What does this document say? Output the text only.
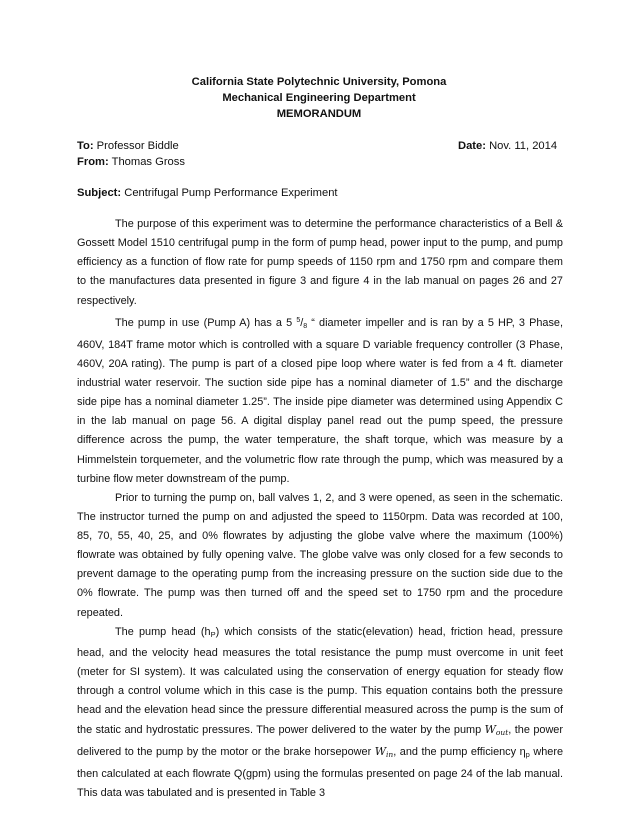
California State Polytechnic University, Pomona
Mechanical Engineering Department
MEMORANDUM
To: Professor Biddle	Date: Nov. 11, 2014
From: Thomas Gross
Subject: Centrifugal Pump Performance Experiment

The purpose of this experiment was to determine the performance characteristics of a Bell & Gossett Model 1510 centrifugal pump in the form of pump head, power input to the pump, and pump efficiency as a function of flow rate for pump speeds of 1150 rpm and 1750 rpm and compare them to the manufactures data presented in figure 3 and figure 4 in the lab manual on pages 26 and 27 respectively.

The pump in use (Pump A) has a 5 $^5$/8 “ diameter impeller and is ran by a 5 HP, 3 Phase, 460V, 184T frame motor which is controlled with a square D variable frequency controller (3 Phase, 460V, 20A rating). The pump is part of a closed pipe loop where water is fed from a 4 ft. diameter industrial water reservoir. The suction side pipe has a nominal diameter of 1.5” and the discharge side pipe has a nominal diameter 1.25”. The inside pipe diameter was determined using Appendix C in the lab manual on page 56. A digital display panel read out the pump speed, the pressure difference across the pump, the water temperature, the shaft torque, which was measure by a Himmelstein torquemeter, and the volumetric flow rate through the pump, which was measured by a turbine flow meter downstream of the pump.

Prior to turning the pump on, ball valves 1, 2, and 3 were opened, as seen in the schematic. The instructor turned the pump on and adjusted the speed to 1150rpm. Data was recorded at 100, 85, 70, 55, 40, 25, and 0% flowrates by adjusting the globe valve where the maximum (100%) flowrate was obtained by fully opening valve. The globe valve was only closed for a few seconds to prevent damage to the operating pump from the increasing pressure on the suction side due to the 0% flowrate. The pump was then turned off and the speed set to 1750 rpm and the procedure repeated.

The pump head $(h_P)$ which consists of the static(elevation) head, friction head, pressure head, and the velocity head measures the total resistance the pump must overcome in unit feet (meter for SI system). It was calculated using the conservation of energy equation for steady flow through a control volume which in this case is the pump. This equation contains both the pressure head and the elevation head since the pressure differential measured across the pump is the sum of the static and hydrostatic pressures. The power delivered to the water by the pump $W_{out}$, the power delivered to the pump by the motor or the brake horsepower $W_{in}$, and the pump efficiency $\eta_p$ where then calculated at each flowrate Q(gpm) using the formulas presented on page 24 of the lab manual. This data was tabulated and is presented in Table 3
